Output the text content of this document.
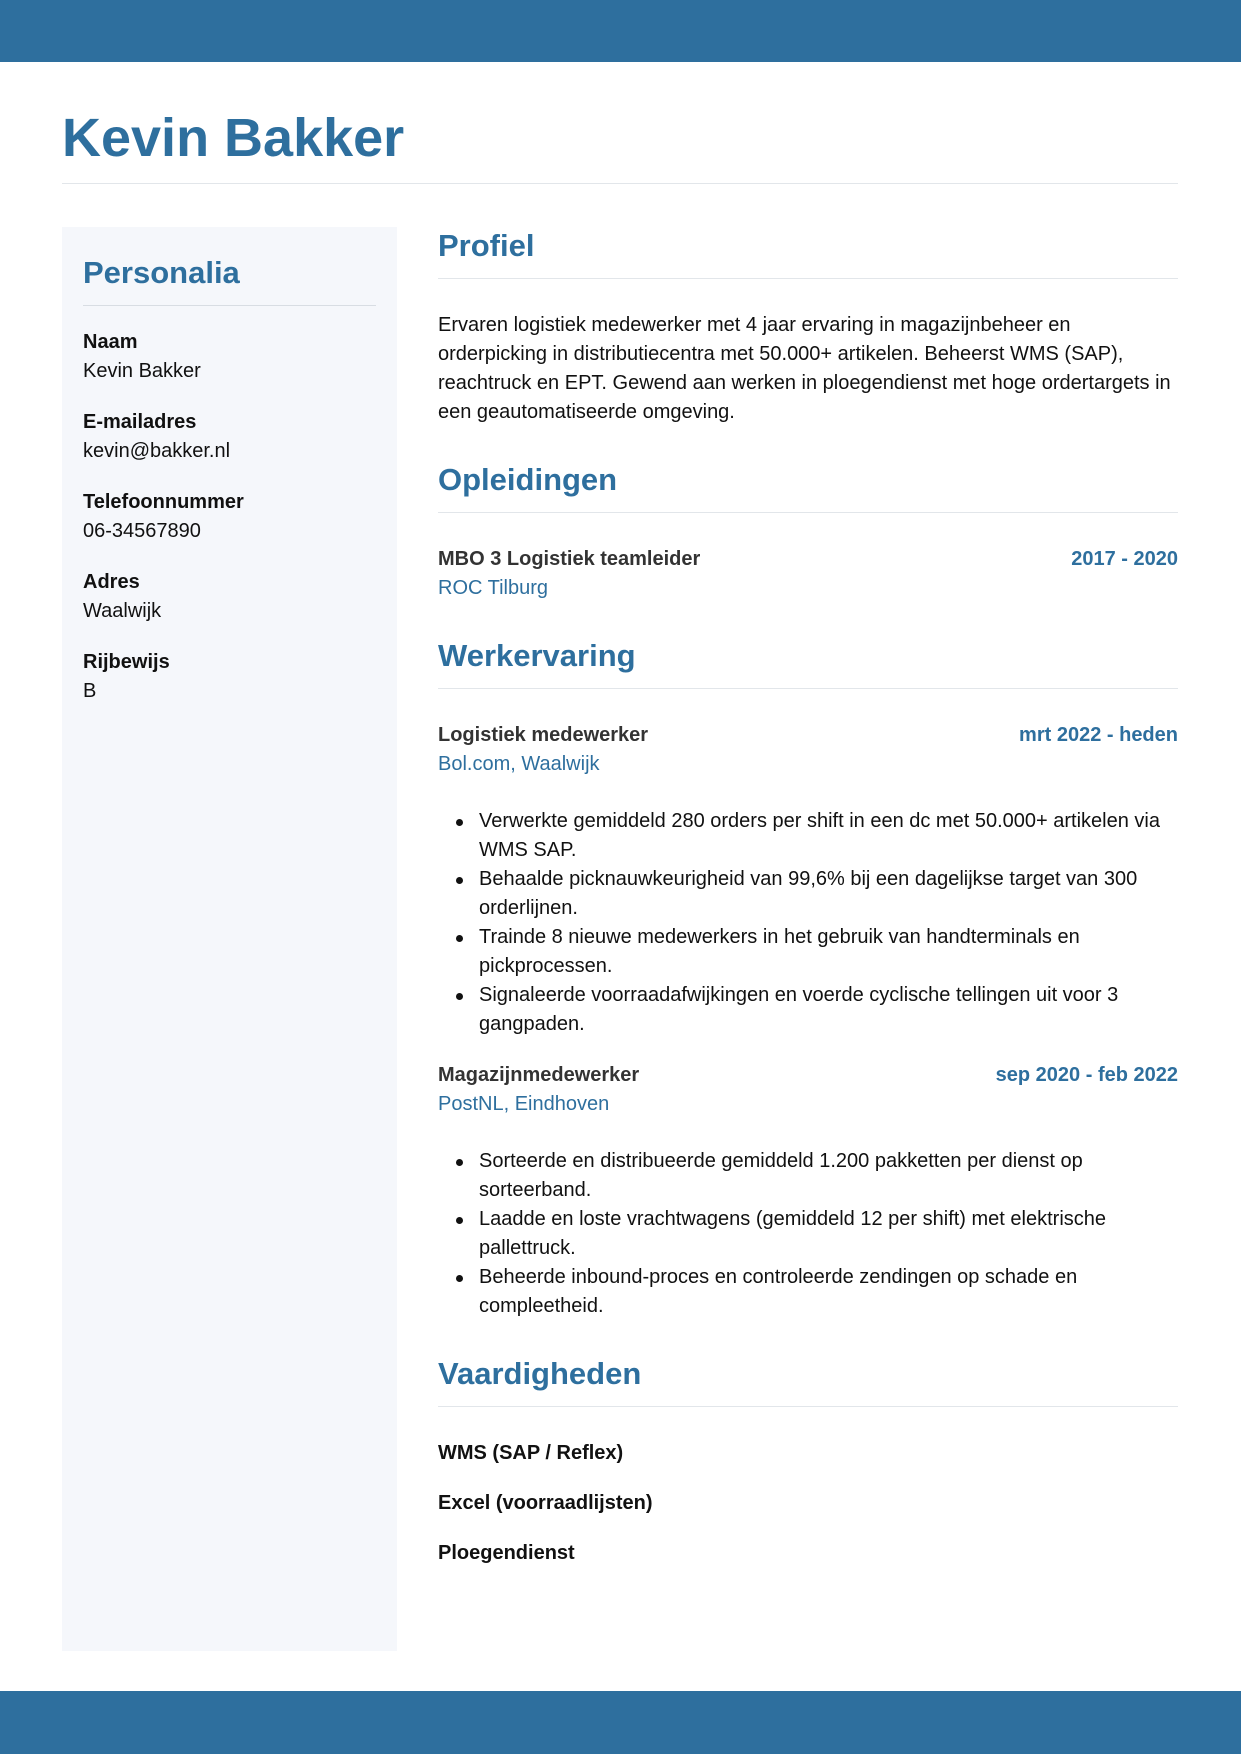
Kevin Bakker
Personalia
Naam
Kevin Bakker
E-mailadres
kevin@bakker.nl
Telefoonnummer
06-34567890
Adres
Waalwijk
Rijbewijs
B
Profiel

Ervaren logistiek medewerker met 4 jaar ervaring in magazijnbeheer en orderpicking in distributiecentra met 50.000+ artikelen. Beheerst WMS (SAP), reachtruck en EPT. Gewend aan werken in ploegendienst met hoge ordertargets in een geautomatiseerde omgeving.

Opleidingen
MBO 3 Logistiek teamleider	2017 - 2020
ROC Tilburg
Werkervaring
Logistiek medewerker	mrt 2022 - heden
Bol.com, Waalwijk
Verwerkte gemiddeld 280 orders per shift in een dc met 50.000+ artikelen via WMS SAP.
Behaalde picknauwkeurigheid van 99,6% bij een dagelijkse target van 300 orderlijnen.
Trainde 8 nieuwe medewerkers in het gebruik van handterminals en pickprocessen.
Signaleerde voorraadafwijkingen en voerde cyclische tellingen uit voor 3 gangpaden.
Magazijnmedewerker	sep 2020 - feb 2022
PostNL, Eindhoven
Sorteerde en distribueerde gemiddeld 1.200 pakketten per dienst op sorteerband.
Laadde en loste vrachtwagens (gemiddeld 12 per shift) met elektrische pallettruck.
Beheerde inbound-proces en controleerde zendingen op schade en compleetheid.
Vaardigheden
WMS (SAP / Reflex)
Excel (voorraadlijsten)
Ploegendienst
